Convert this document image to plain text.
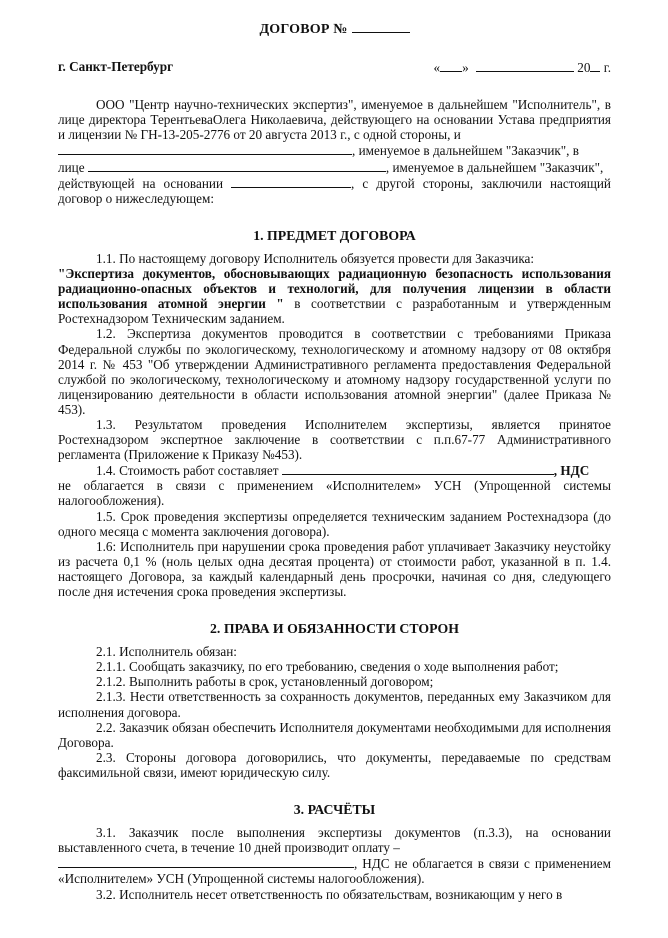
ДОГОВОР №
г. Санкт-Петербург	« »	20 г.

ООО "Центр научно-технических экспертиз", именуемое в дальнейшем "Исполнитель", в лице директора ТерентьеваОлега Николаевича, действующего на основании Устава предприятия и лицензии № ГН-13-205-2776 от 20 августа 2013 г., с одной стороны, и

, именуемое в дальнейшем "Заказчик", в

лице	, именуемое в дальнейшем "Заказчик",

действующей на основании	, с другой стороны, заключили настоящий договор о нижеследующем:

1. ПРЕДМЕТ ДОГОВОРА

1.1. По настоящему договору Исполнитель обязуется провести для Заказчика:

"Экспертиза документов, обосновывающих радиационную безопасность использования радиационно-опасных объектов и технологий, для получения лицензии в области использования атомной энергии " в соответствии с разработанным и утвержденным Ростехнадзором Техническим заданием.

1.2. Экспертиза документов проводится в соответствии с требованиями Приказа Федеральной службы по экологическому, технологическому и атомному надзору от 08 октября 2014 г. № 453 "Об утверждении Административного регламента предоставления Федеральной службой по экологическому, технологическому и атомному надзору государственной услуги по лицензированию деятельности в области использования атомной энергии" (далее Приказа № 453).

1.3. Результатом проведения Исполнителем экспертизы, является принятое Ростехнадзором экспертное заключение в соответствии с п.п.67-77 Административного регламента (Приложение к Приказу №453).

1.4. Стоимость работ составляет	, НДС

не облагается в связи с применением «Исполнителем» УСН (Упрощенной системы налогообложения).

1.5. Срок проведения экспертизы определяется техническим заданием Ростехнадзора (до одного месяца с момента заключения договора).

1.6: Исполнитель при нарушении срока проведения работ уплачивает Заказчику неустойку из расчета 0,1 % (ноль целых одна десятая процента) от стоимости работ, указанной в п. 1.4. настоящего Договора, за каждый календарный день просрочки, начиная со дня, следующего после дня истечения срока проведения экспертизы.

2. ПРАВА И ОБЯЗАННОСТИ СТОРОН

2.1. Исполнитель обязан:

2.1.1. Сообщать заказчику, по его требованию, сведения о ходе выполнения работ;

2.1.2. Выполнить работы в срок, установленный договором;

2.1.3. Нести ответственность за сохранность документов, переданных ему Заказчиком для исполнения договора.

2.2. Заказчик обязан обеспечить Исполнителя документами необходимыми для исполнения Договора.

2.3. Стороны договора договорились, что документы, передаваемые по средствам факсимильной связи, имеют юридическую силу.

3. РАСЧЁТЫ

3.1. Заказчик после выполнения экспертизы документов (п.3.3), на основании выставленного счета, в течение 10 дней производит оплату –

, НДС не облагается в связи с применением «Исполнителем» УСН (Упрощенной системы налогообложения).

3.2. Исполнитель несет ответственность по обязательствам, возникающим у него в
